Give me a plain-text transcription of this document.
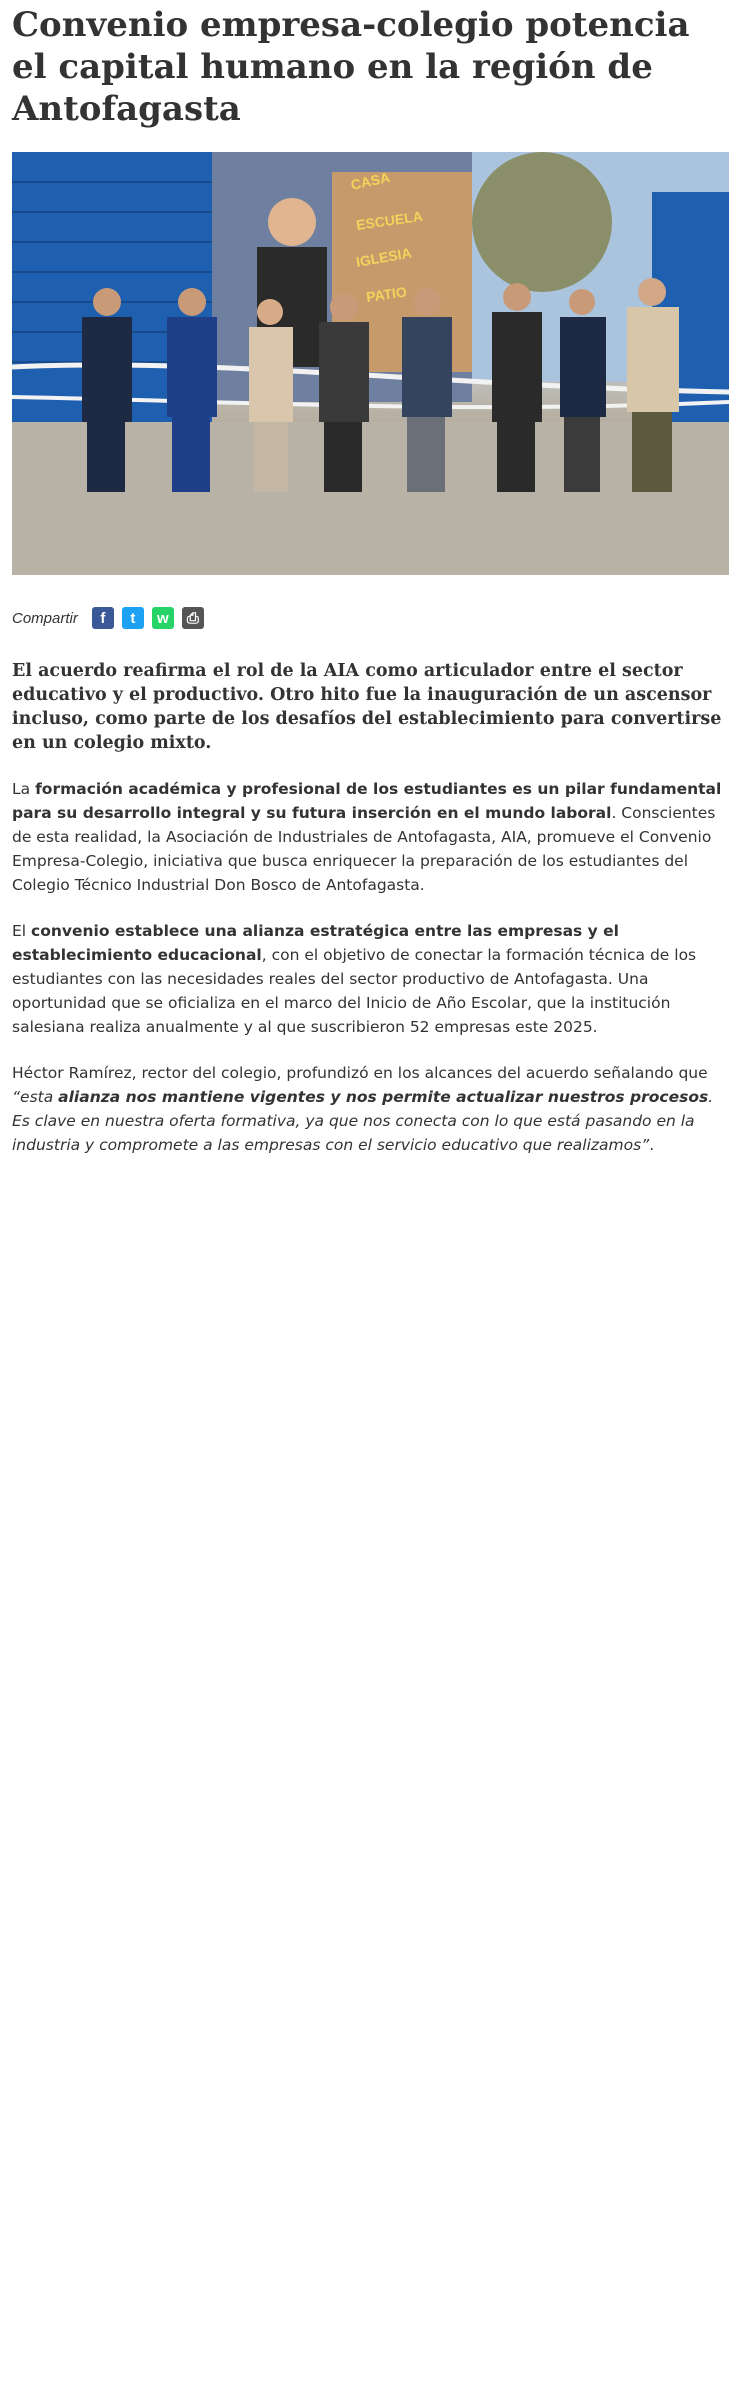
Convenio empresa-colegio potencia el capital humano en la región de Antofagasta
CASA
ESCUELA
IGLESIA
PATIO
Compartir	f	t	w	⎙

El acuerdo reafirma el rol de la AIA como articulador entre el sector educativo y el productivo. Otro hito fue la inauguración de un ascensor incluso, como parte de los desafíos del establecimiento para convertirse en un colegio mixto.

La formación académica y profesional de los estudiantes es un pilar fundamental para su desarrollo integral y su futura inserción en el mundo laboral. Conscientes de esta realidad, la Asociación de Industriales de Antofagasta, AIA, promueve el Convenio Empresa-Colegio, iniciativa que busca enriquecer la preparación de los estudiantes del Colegio Técnico Industrial Don Bosco de Antofagasta.

El convenio establece una alianza estratégica entre las empresas y el establecimiento educacional, con el objetivo de conectar la formación técnica de los estudiantes con las necesidades reales del sector productivo de Antofagasta. Una oportunidad que se oficializa en el marco del Inicio de Año Escolar, que la institución salesiana realiza anualmente y al que suscribieron 52 empresas este 2025.

Héctor Ramírez, rector del colegio, profundizó en los alcances del acuerdo señalando que “esta alianza nos mantiene vigentes y nos permite actualizar nuestros procesos. Es clave en nuestra oferta formativa, ya que nos conecta con lo que está pasando en la industria y compromete a las empresas con el servicio educativo que realizamos”.
